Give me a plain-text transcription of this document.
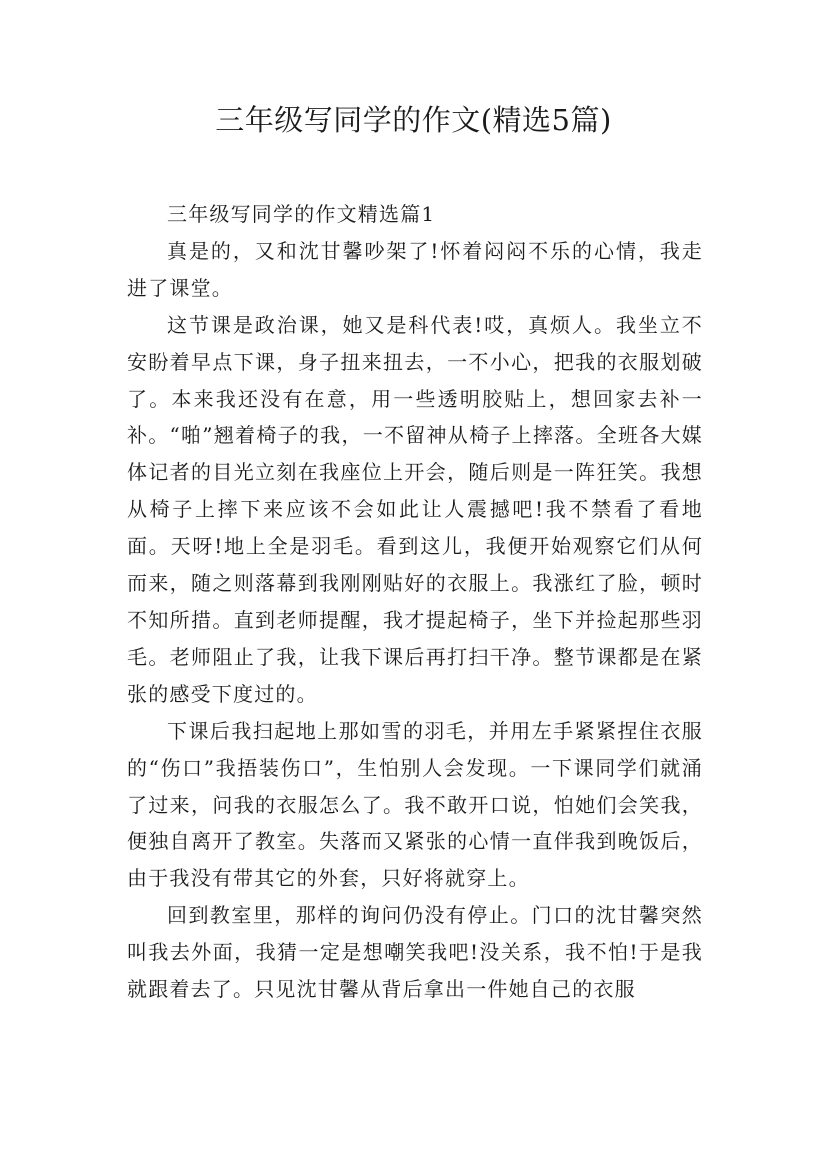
三年级写同学的作文(精选5篇)

三年级写同学的作文精选篇1

真是的，又和沈甘馨吵架了!怀着闷闷不乐的心情，我走进了课堂。

这节课是政治课，她又是科代表!哎，真烦人。我坐立不安盼着早点下课，身子扭来扭去，一不小心，把我的衣服划破了。本来我还没有在意，用一些透明胶贴上，想回家去补一补。“啪”翘着椅子的我，一不留神从椅子上摔落。全班各大媒体记者的目光立刻在我座位上开会，随后则是一阵狂笑。我想从椅子上摔下来应该不会如此让人震撼吧!我不禁看了看地面。天呀!地上全是羽毛。看到这儿，我便开始观察它们从何而来，随之则落幕到我刚刚贴好的衣服上。我涨红了脸，顿时不知所措。直到老师提醒，我才提起椅子，坐下并捡起那些羽毛。老师阻止了我，让我下课后再打扫干净。整节课都是在紧张的感受下度过的。

下课后我扫起地上那如雪的羽毛，并用左手紧紧捏住衣服的“伤口”我捂装伤口”，生怕别人会发现。一下课同学们就涌了过来，问我的衣服怎么了。我不敢开口说，怕她们会笑我，便独自离开了教室。失落而又紧张的心情一直伴我到晚饭后，由于我没有带其它的外套，只好将就穿上。

回到教室里，那样的询问仍没有停止。门口的沈甘馨突然叫我去外面，我猜一定是想嘲笑我吧!没关系，我不怕!于是我就跟着去了。只见沈甘馨从背后拿出一件她自己的衣服
